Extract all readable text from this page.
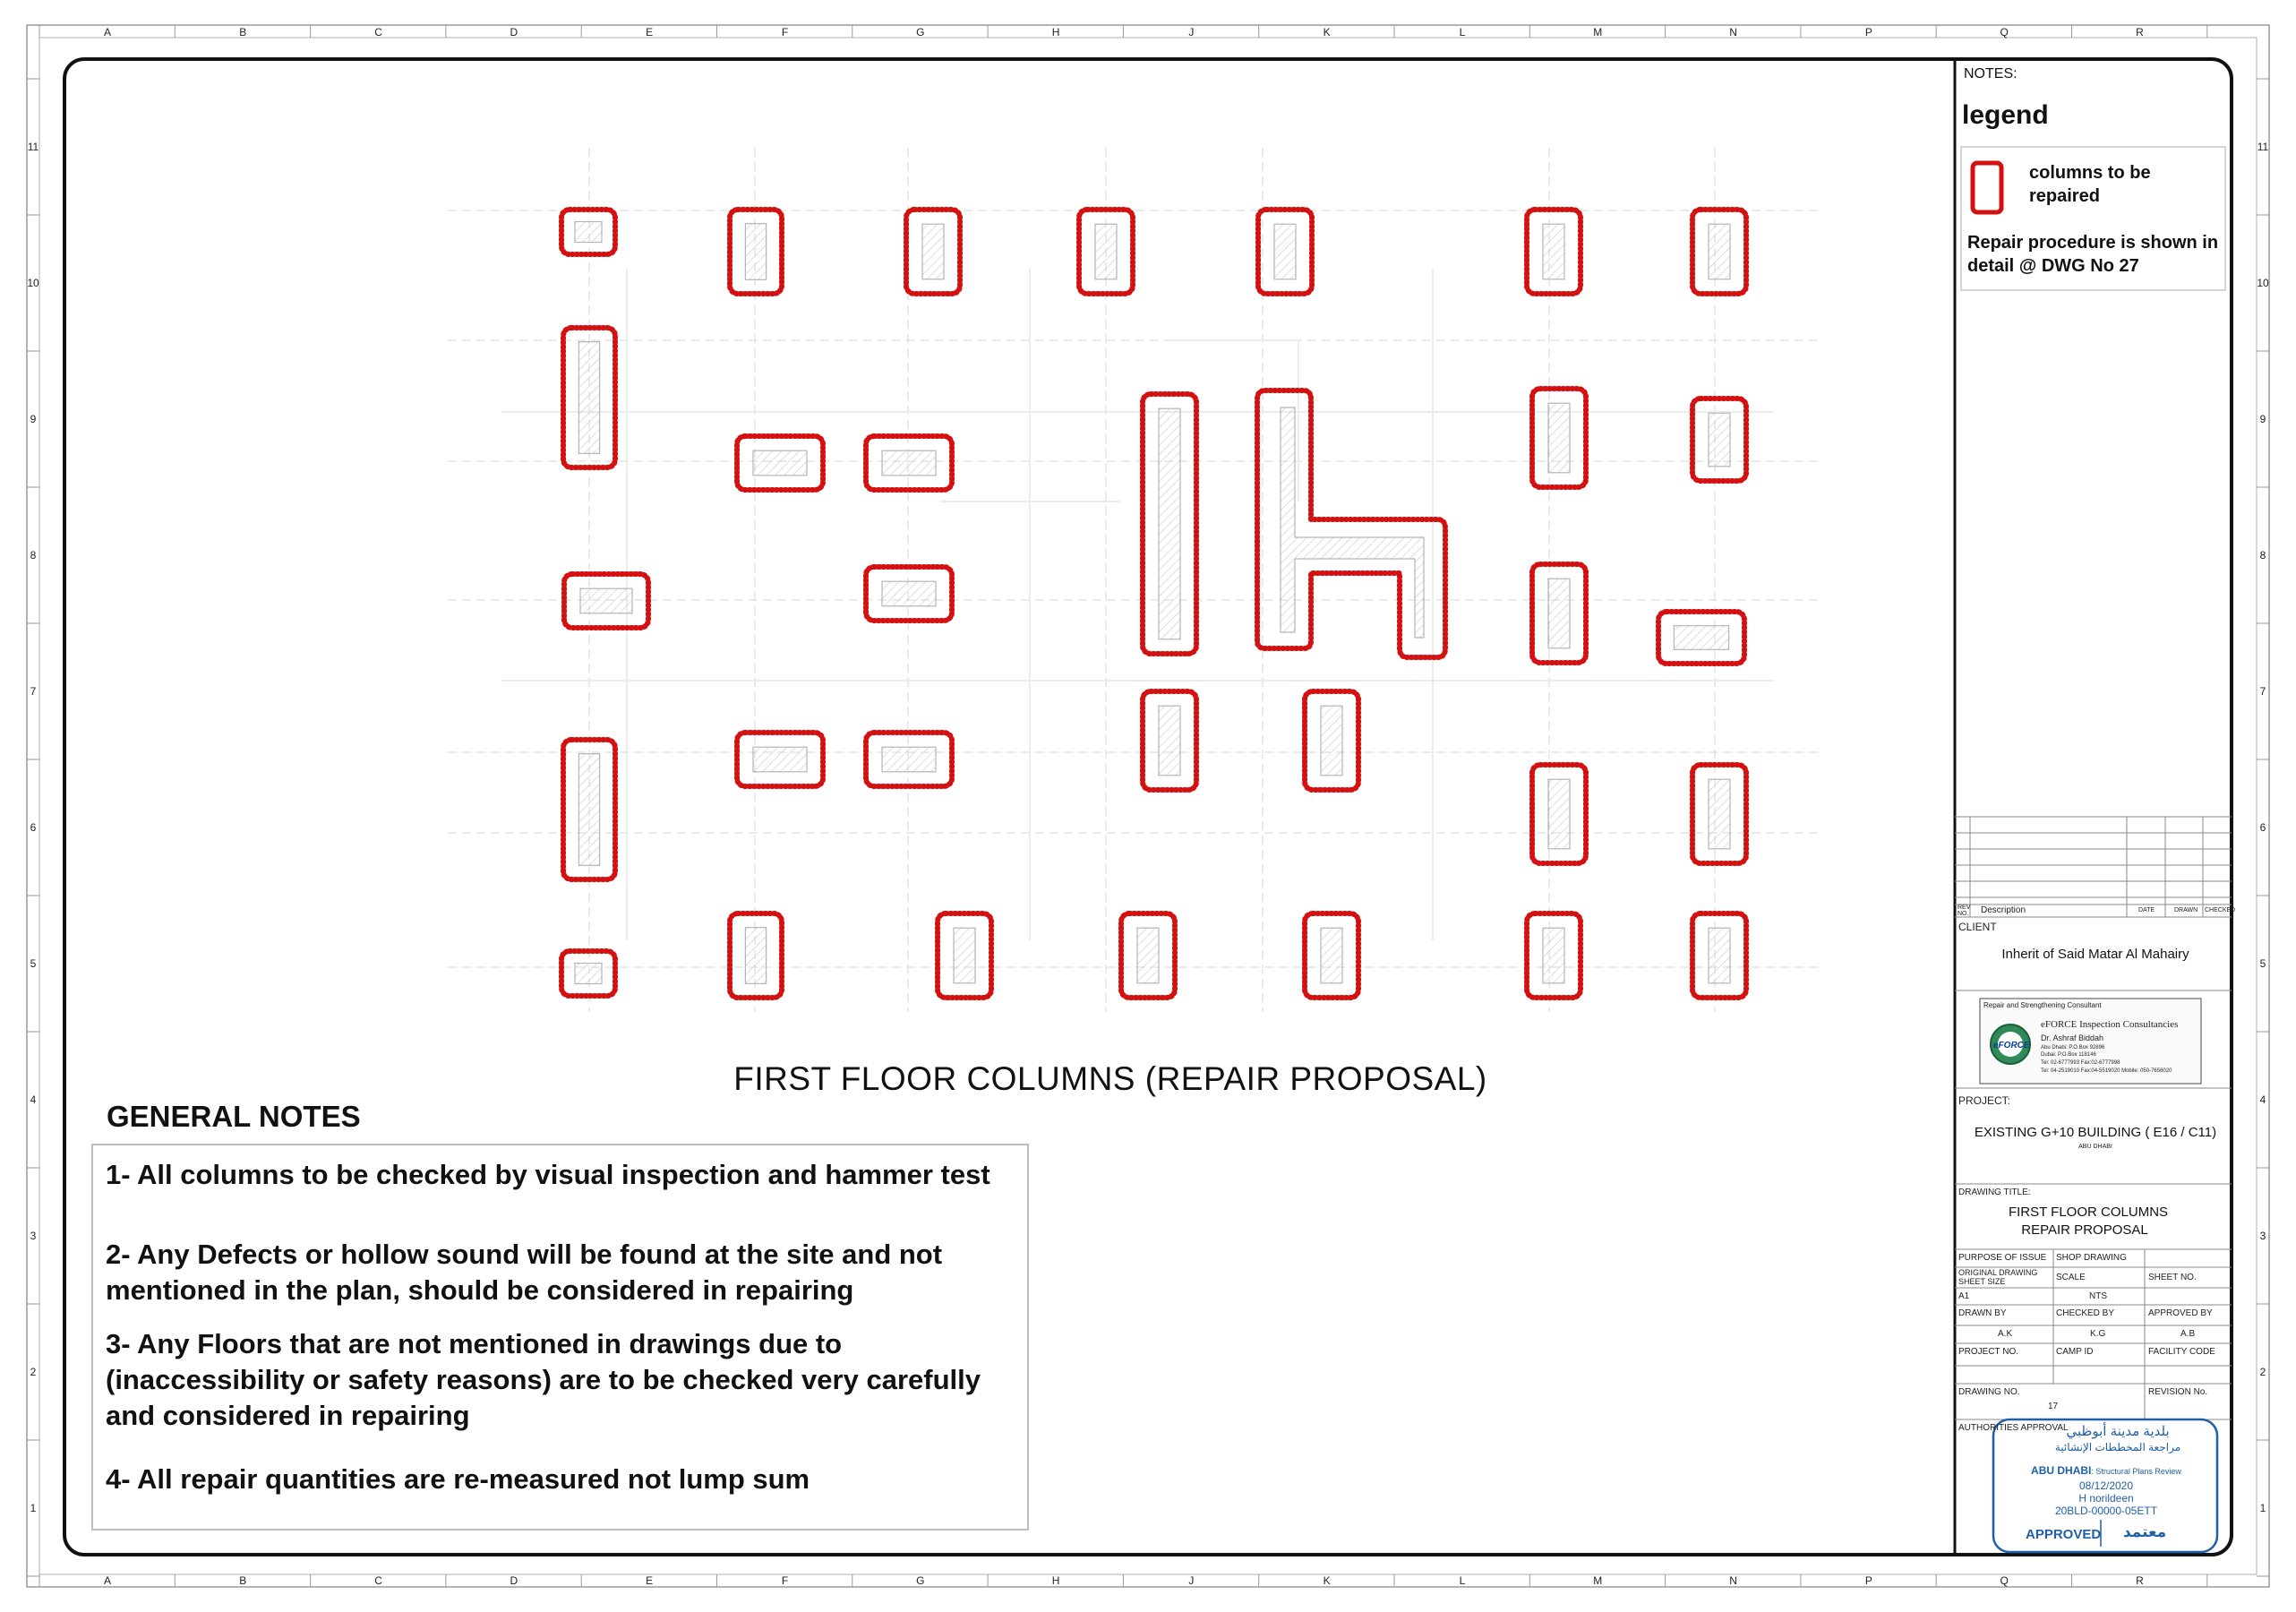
FIRST FLOOR COLUMNS (REPAIR PROPOSAL)
GENERAL NOTES
1- All columns to be checked by visual inspection and hammer test
2- Any Defects or hollow sound will be found at the site and not mentioned in the plan, should be considered in repairing
3- Any Floors that are not mentioned in drawings due to (inaccessibility or safety reasons) are to be checked very carefully and considered in repairing
4- All repair quantities are re-measured not lump sum
NOTES:
legend
columns to be repaired
Repair procedure is shown in detail @ DWG No 27
REV NO. Description	DATE	DRAWN CHECKED
CLIENT
Inherit of Said Matar Al Mahairy
Repair and Strengthening Consultant
eFORCE
eFORCE Inspection Consultancies
Dr. Ashraf Biddah
Abu Dhabi: P.O.Box 92896
Dubai: P.O.Box 118146
Tel: 02-6777993 Fax:02-6777998
Tel: 04-2519010 Fax:04-5519020 Mobile: 050-7656020
PROJECT:
EXISTING G+10 BUILDING ( E16 / C11)
ABU DHABI
DRAWING TITLE:
FIRST FLOOR COLUMNS
REPAIR PROPOSAL
PURPOSE OF ISSUE SHOP DRAWING
ORIGINAL DRAWING SHEET SIZE	SCALE	SHEET NO.
A1	NTS
DRAWN BY	CHECKED BY	APPROVED BY
A.K	K.G	A.B
PROJECT NO.	CAMP ID	FACILITY CODE
DRAWING NO.	REVISION No.
17
AUTHORITIES APPROVAL
بلدية مدينة أبوظبي
مراجعة المخططات الإنشائية
ABU DHABI: Structural Plans Review
08/12/2020
H norildeen
20BLD-00000-05ETT
APPROVED	معتمد
A
A
B
B
C
C
D
D
E
E
F
F
G
G
H
H
J
J
K
K
L
L
M
M
N
N
P
P
Q
Q
R
R
11	11
10	10
9	9
8	8
7	7
6	6
5	5
4	4
3	3
2	2
1	1
